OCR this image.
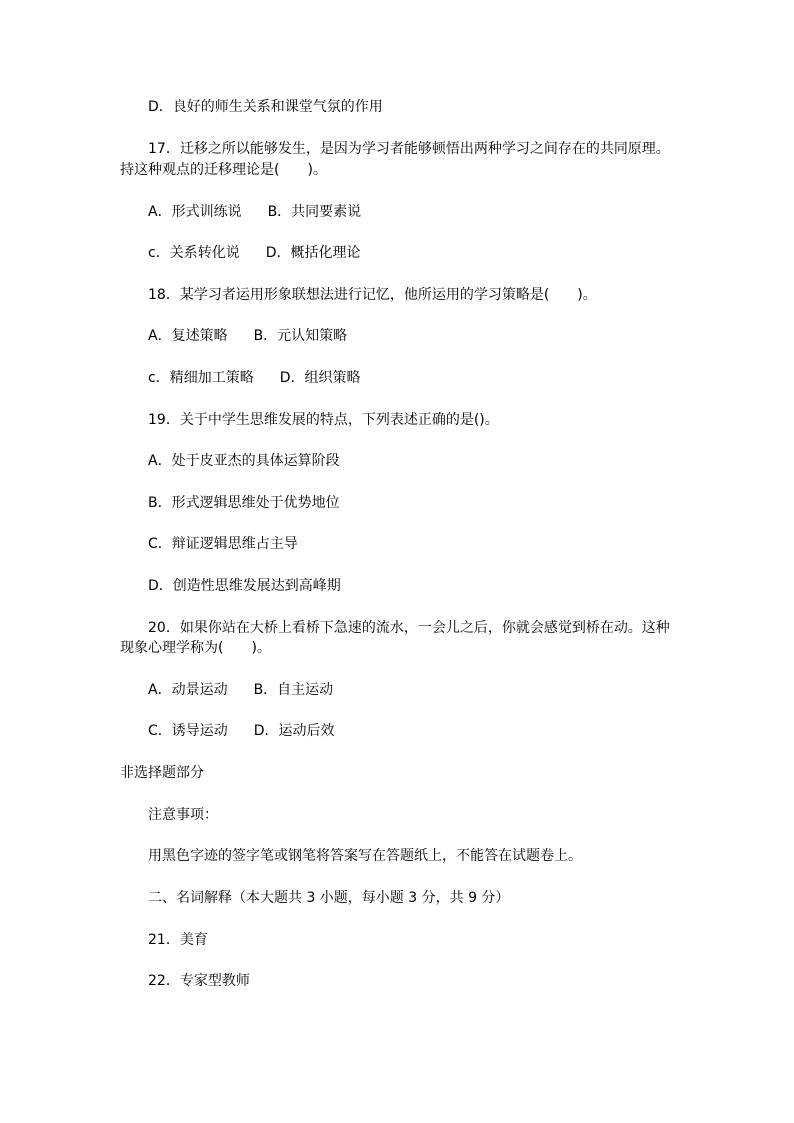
D．良好的师生关系和课堂气氛的作用
17．迁移之所以能够发生，是因为学习者能够顿悟出两种学习之间存在的共同原理。
持这种观点的迁移理论是(　　)。
A．形式训练说 B．共同要素说
c．关系转化说 D．概括化理论
18．某学习者运用形象联想法进行记忆，他所运用的学习策略是(　　)。
A．复述策略 B．元认知策略
c．精细加工策略 D．组织策略
19．关于中学生思维发展的特点，下列表述正确的是()。
A．处于皮亚杰的具体运算阶段
B．形式逻辑思维处于优势地位
C．辩证逻辑思维占主导
D．创造性思维发展达到高峰期
20．如果你站在大桥上看桥下急速的流水，一会儿之后，你就会感觉到桥在动。这种
现象心理学称为(　　)。
A．动景运动 B．自主运动
C．诱导运动 D．运动后效
非选择题部分
注意事项：
用黑色字迹的签字笔或钢笔将答案写在答题纸上，不能答在试题卷上。
二、名词解释（本大题共 3 小题，每小题 3 分，共 9 分）
21．美育
22．专家型教师
